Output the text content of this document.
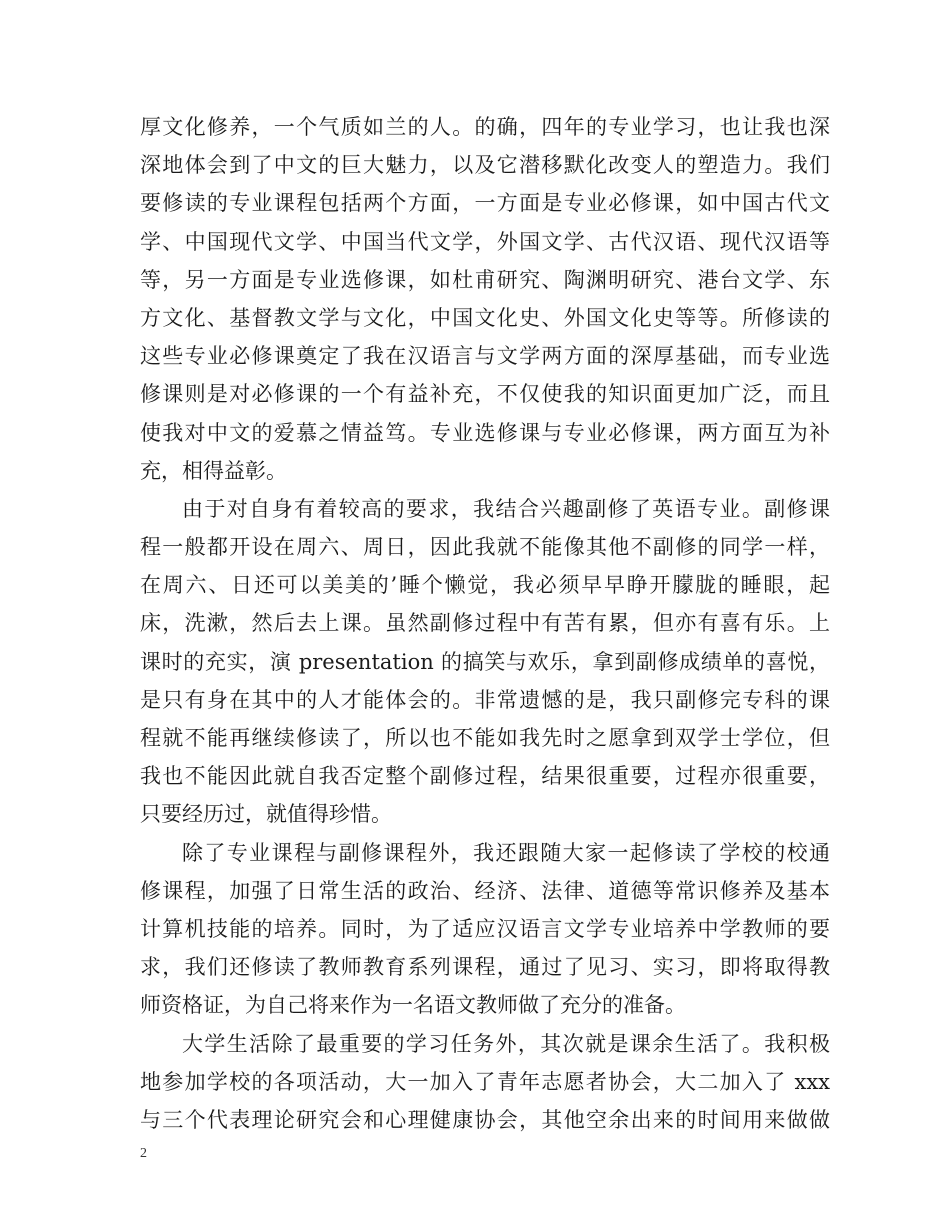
厚文化修养，一个气质如兰的人。的确，四年的专业学习，也让我也深
深地体会到了中文的巨大魅力，以及它潜移默化改变人的塑造力。我们
要修读的专业课程包括两个方面，一方面是专业必修课，如中国古代文
学、中国现代文学、中国当代文学，外国文学、古代汉语、现代汉语等
等，另一方面是专业选修课，如杜甫研究、陶渊明研究、港台文学、东
方文化、基督教文学与文化，中国文化史、外国文化史等等。所修读的
这些专业必修课奠定了我在汉语言与文学两方面的深厚基础，而专业选
修课则是对必修课的一个有益补充，不仅使我的知识面更加广泛，而且
使我对中文的爱慕之情益笃。专业选修课与专业必修课，两方面互为补
充，相得益彰。
由于对自身有着较高的要求，我结合兴趣副修了英语专业。副修课
程一般都开设在周六、周日，因此我就不能像其他不副修的同学一样，
在周六、日还可以美美的’睡个懒觉，我必须早早睁开朦胧的睡眼，起
床，洗漱，然后去上课。虽然副修过程中有苦有累，但亦有喜有乐。上
课时的充实，演 presentation 的搞笑与欢乐，拿到副修成绩单的喜悦，
是只有身在其中的人才能体会的。非常遗憾的是，我只副修完专科的课
程就不能再继续修读了，所以也不能如我先时之愿拿到双学士学位，但
我也不能因此就自我否定整个副修过程，结果很重要，过程亦很重要，
只要经历过，就值得珍惜。
除了专业课程与副修课程外，我还跟随大家一起修读了学校的校通
修课程，加强了日常生活的政治、经济、法律、道德等常识修养及基本
计算机技能的培养。同时，为了适应汉语言文学专业培养中学教师的要
求，我们还修读了教师教育系列课程，通过了见习、实习，即将取得教
师资格证，为自己将来作为一名语文教师做了充分的准备。
大学生活除了最重要的学习任务外，其次就是课余生活了。我积极
地参加学校的各项活动，大一加入了青年志愿者协会，大二加入了 xxx
与三个代表理论研究会和心理健康协会，其他空余出来的时间用来做做
2
